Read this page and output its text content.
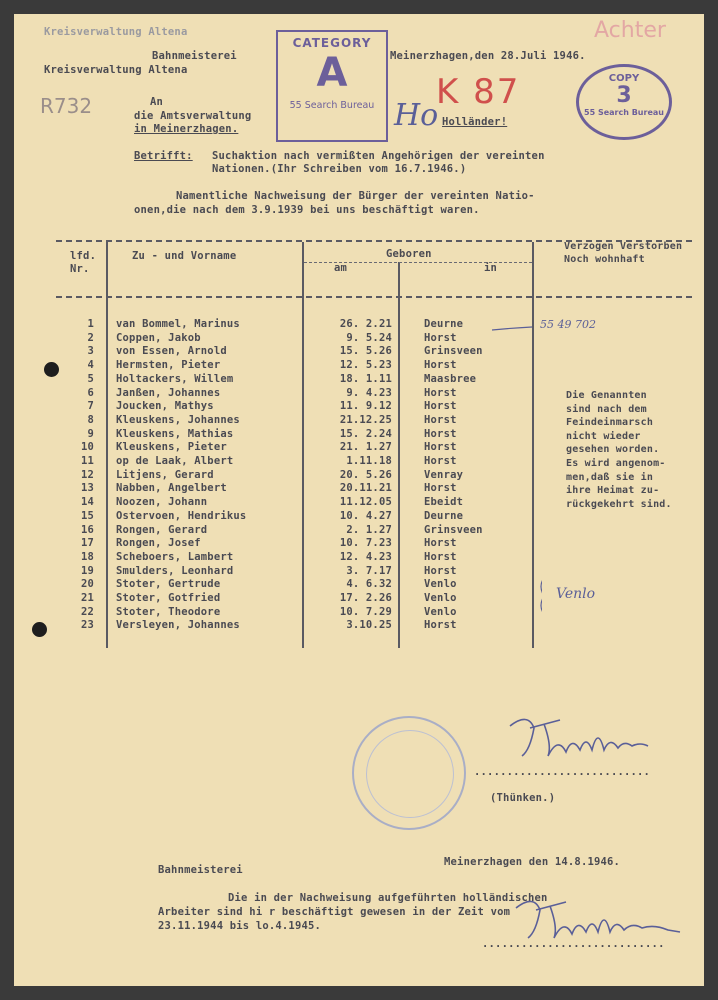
Kreisverwaltung Altena
Bahnmeisterei
Kreisverwaltung Altena
Meinerzhagen,den 28.Juli 1946.
R732
Achter
An
die Amtsverwaltung
in Meinerzhagen.	Ho
K 87
Holländer!
Betrifft: Suchaktion nach vermißten Angehörigen der vereinten
Nationen.(Ihr Schreiben vom 16.7.1946.)
Namentliche Nachweisung der Bürger der vereinten Natio-
onen,die nach dem 3.9.1939 bei uns beschäftigt waren.
CATEGORY
A
55 Search Bureau
COPY
3
55 Search Bureau
lfd. Nr.
Zu - und Vorname	Geboren
am	in
Verzogen Verstorben Noch wohnhaft
1 van Bommel, Marinus	26. 2.21	Deurne
2 Coppen, Jakob	9. 5.24	Horst
3 von Essen, Arnold	15. 5.26	Grinsveen
4 Hermsten, Pieter	12. 5.23	Horst
5 Holtackers, Willem	18. 1.11	Maasbree
6 Janßen, Johannes	9. 4.23	Horst
7 Joucken, Mathys	11. 9.12	Horst
8 Kleuskens, Johannes	21.12.25	Horst
9 Kleuskens, Mathias	15. 2.24	Horst
10 Kleuskens, Pieter	21. 1.27	Horst
11 op de Laak, Albert	1.11.18	Horst
12 Litjens, Gerard	20. 5.26	Venray
13 Nabben, Angelbert	20.11.21	Horst
14 Noozen, Johann	11.12.05	Ebeidt
15 Ostervoen, Hendrikus	10. 4.27	Deurne
16 Rongen, Gerard	2. 1.27	Grinsveen
17 Rongen, Josef	10. 7.23	Horst
18 Scheboers, Lambert	12. 4.23	Horst
19 Smulders, Leonhard	3. 7.17	Horst
20 Stoter, Gertrude	4. 6.32	Venlo
21 Stoter, Gotfried	17. 2.26	Venlo
22 Stoter, Theodore	10. 7.29	Venlo
23 Versleyen, Johannes	3.10.25	Horst
Die Genannten
sind nach dem
Feindeinmarsch
nicht wieder
gesehen worden.
Es wird angenom-
men,daß sie in
ihre Heimat zu-
rückgekehrt sind.
55 49 702
Venlo
...........................
(Thünken.)
Bahnmeisterei
Meinerzhagen den 14.8.1946.
Die in der Nachweisung aufgeführten holländischen
Arbeiter sind hi r beschäftigt gewesen in der Zeit vom
23.11.1944 bis lo.4.1945.
............................
